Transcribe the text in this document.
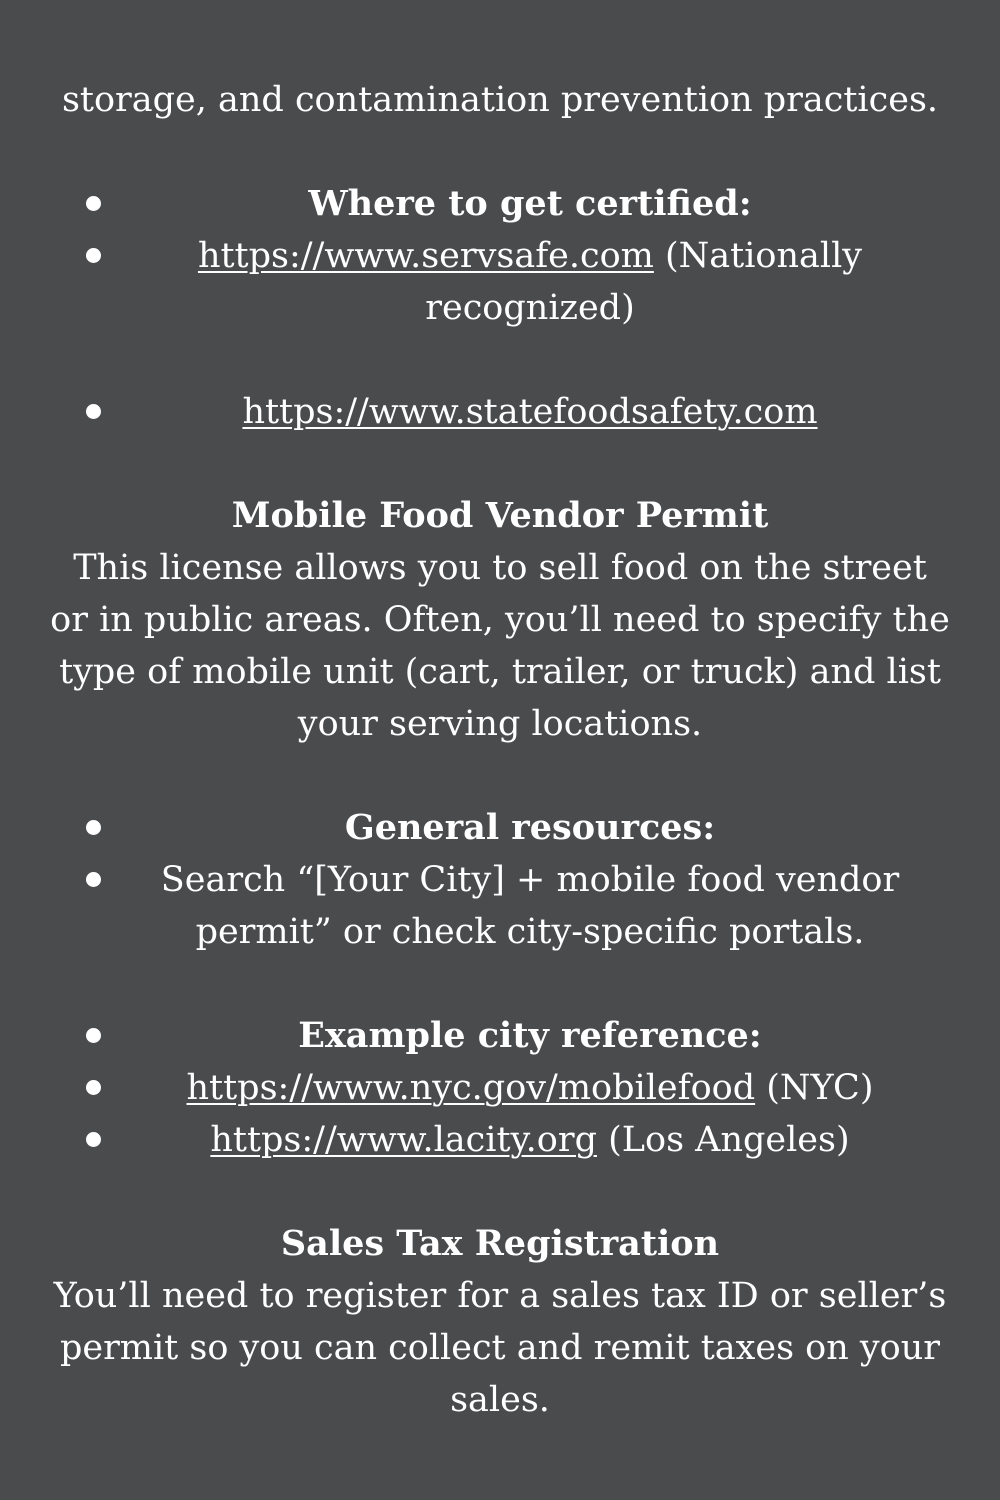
storage, and contamination prevention practices.
Where to get certified:
https://www.servsafe.com (Nationally
recognized)
https://www.statefoodsafety.com
Mobile Food Vendor Permit
This license allows you to sell food on the street or in public areas. Often, you’ll need to specify the type of mobile unit (cart, trailer, or truck) and list your serving locations.
General resources:
Search “[Your City] + mobile food vendor
permit” or check city-specific portals.
Example city reference:
https://www.nyc.gov/mobilefood (NYC)
https://www.lacity.org (Los Angeles)
Sales Tax Registration
You’ll need to register for a sales tax ID or seller’s permit so you can collect and remit taxes on your sales.
